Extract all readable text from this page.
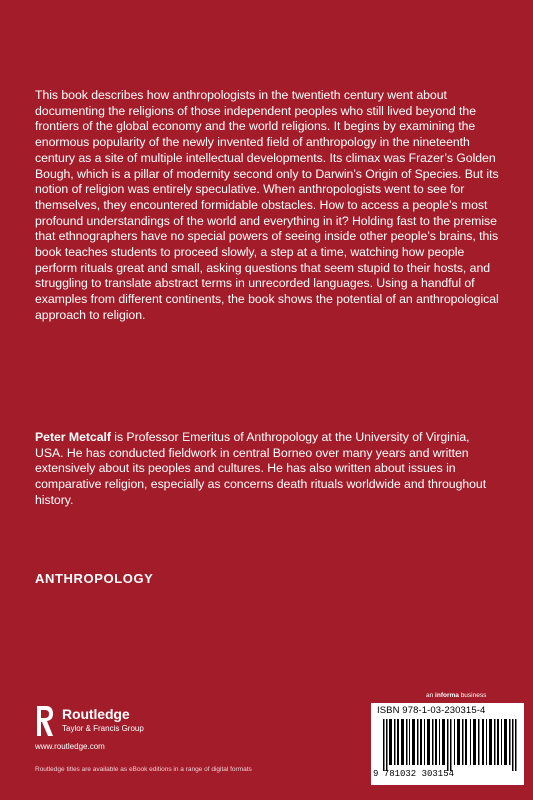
This book describes how anthropologists in the twentieth century went about documenting the religions of those independent peoples who still lived beyond the frontiers of the global economy and the world religions. It begins by examining the enormous popularity of the newly invented field of anthropology in the nineteenth century as a site of multiple intellectual developments. Its climax was Frazer’s Golden Bough, which is a pillar of modernity second only to Darwin’s Origin of Species. But its notion of religion was entirely speculative. When anthropologists went to see for themselves, they encountered formidable obstacles. How to access a people’s most profound understandings of the world and everything in it? Holding fast to the premise that ethnographers have no special powers of seeing inside other people’s brains, this book teaches students to proceed slowly, a step at a time, watching how people perform rituals great and small, asking questions that seem stupid to their hosts, and struggling to translate abstract terms in unrecorded languages. Using a handful of examples from different continents, the book shows the potential of an anthropological approach to religion.

Peter Metcalf is Professor Emeritus of Anthropology at the University of Virginia, USA. He has conducted fieldwork in central Borneo over many years and written extensively about its peoples and cultures. He has also written about issues in comparative religion, especially as concerns death rituals worldwide and throughout history.

ANTHROPOLOGY

an informa business
Routledge
Taylor & Francis Group
www.routledge.com
Routledge titles are available as eBook editions in a range of digital formats
ISBN 978-1-03-230315-4
9 781032 303154
